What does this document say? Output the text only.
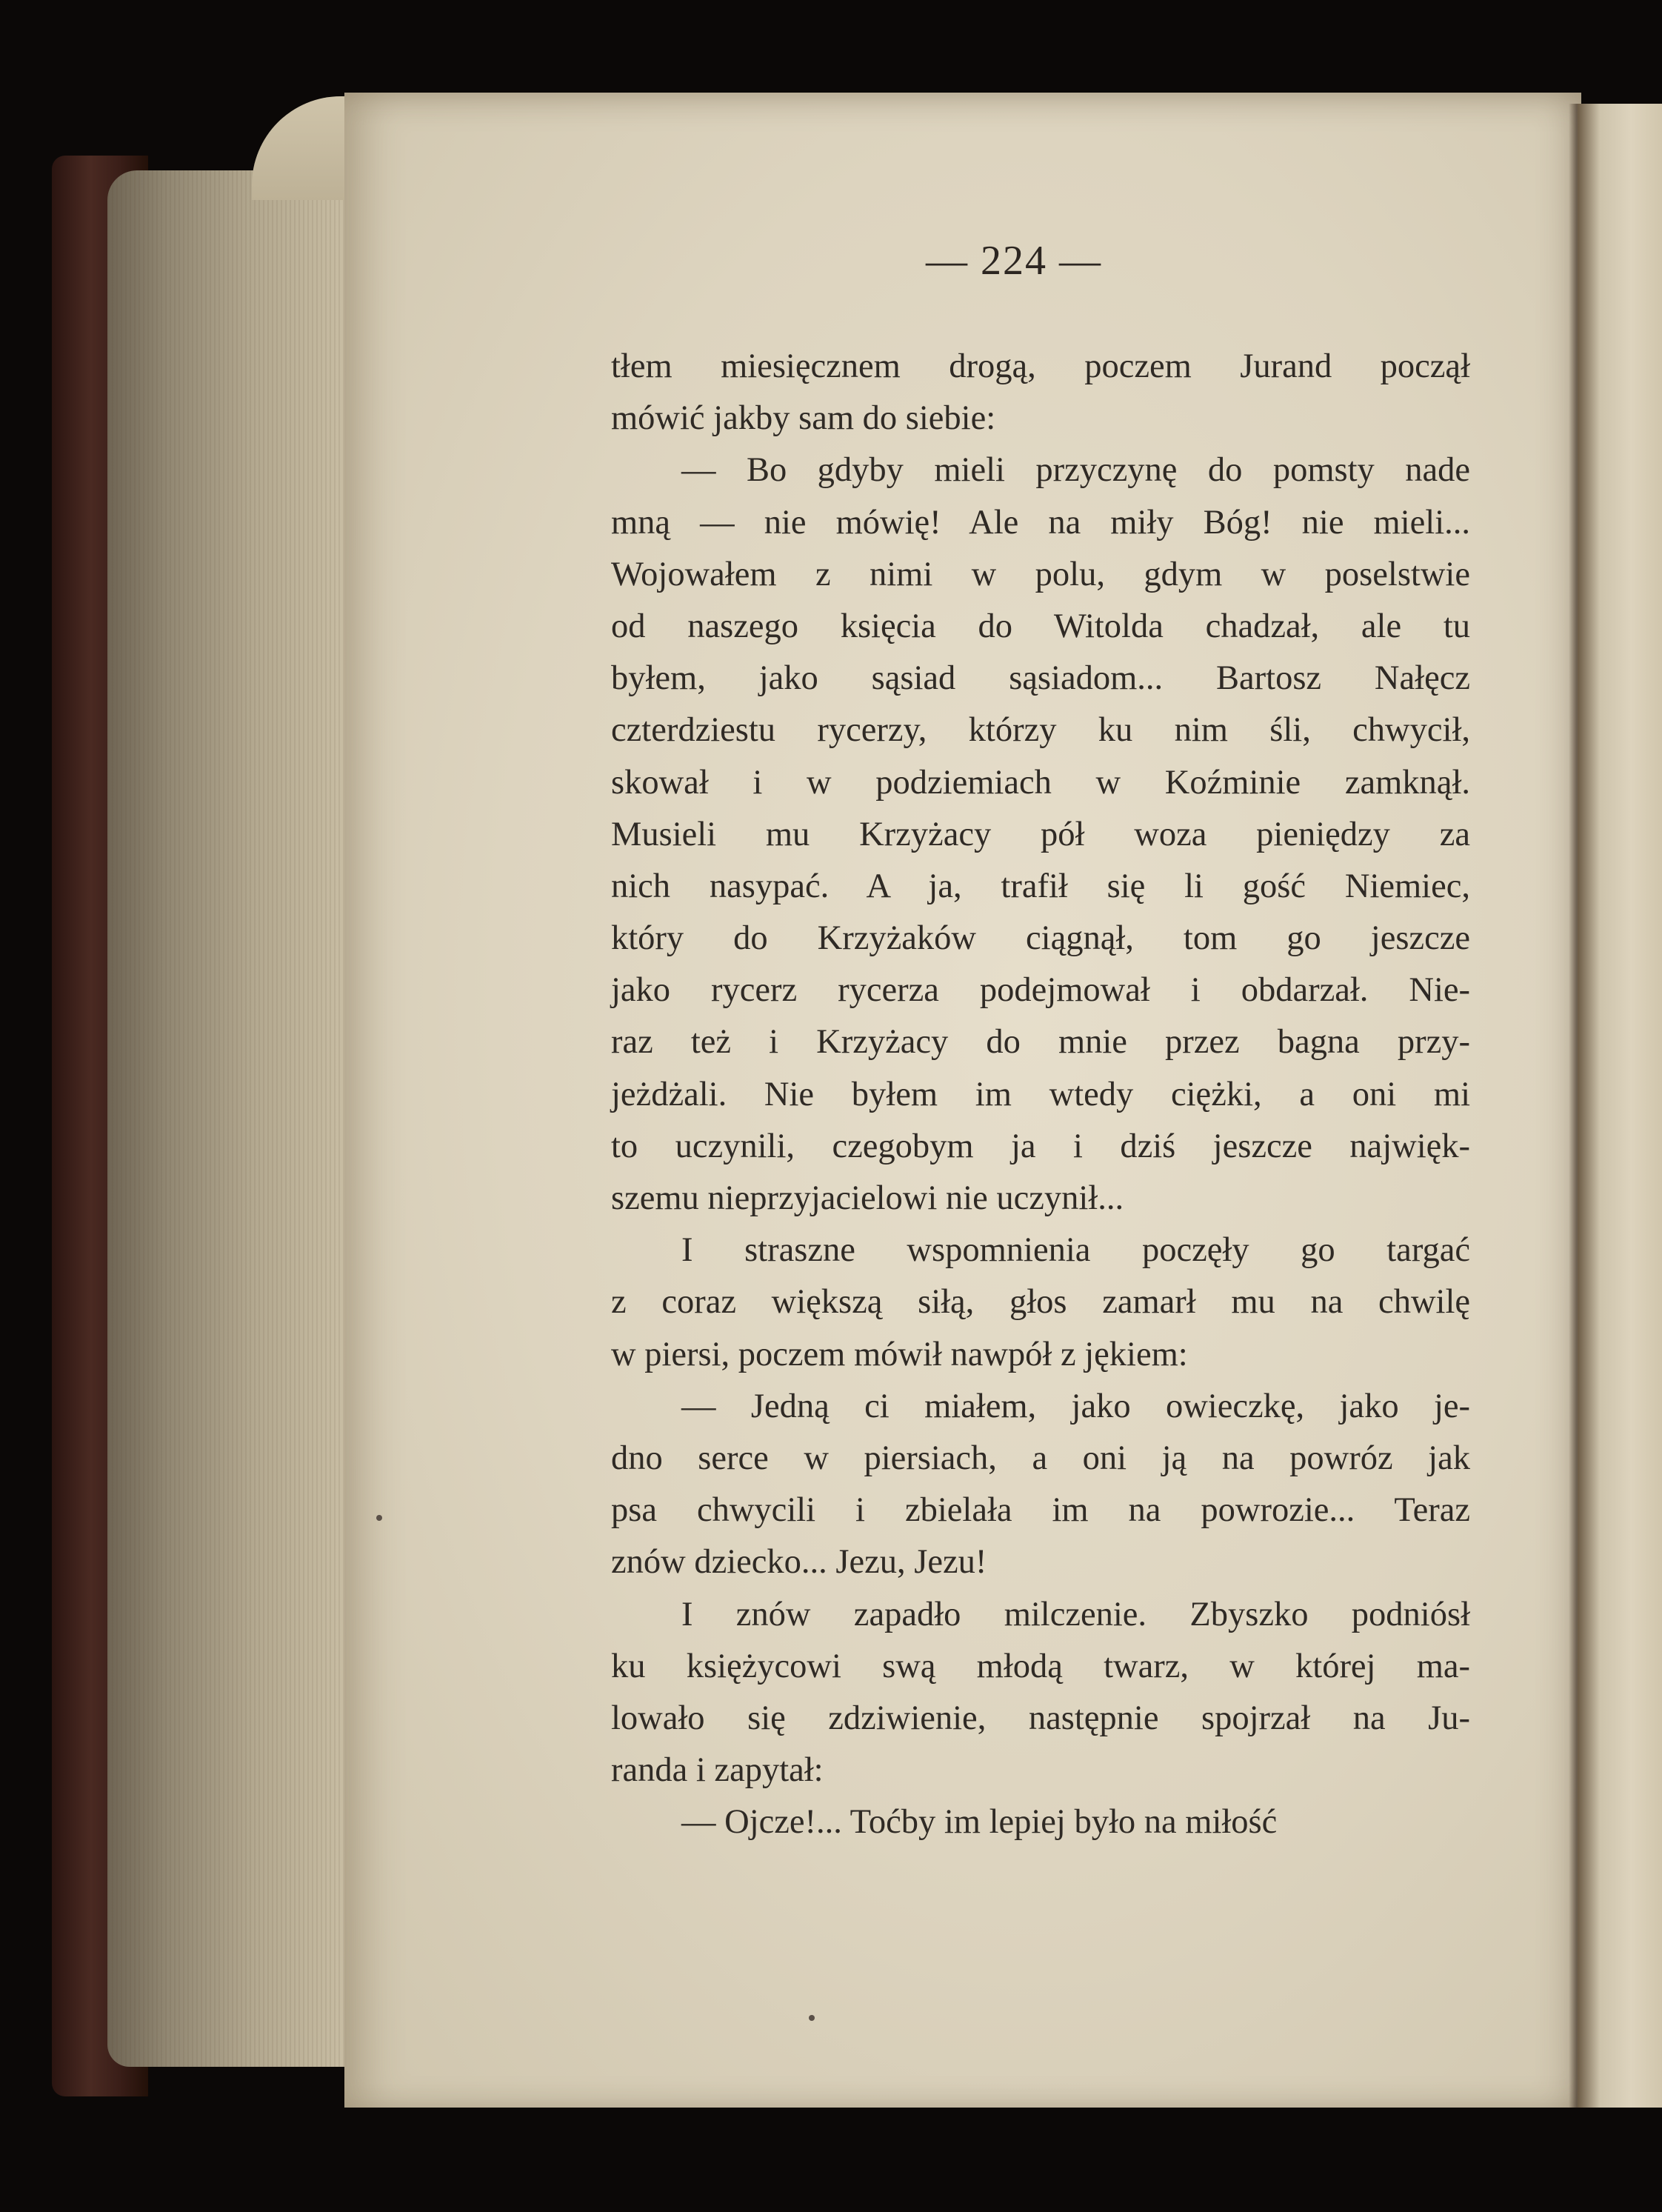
— 224 —
tłem miesięcznem drogą, poczem Jurand począł
mówić jakby sam do siebie:
— Bo gdyby mieli przyczynę do pomsty nade
mną — nie mówię! Ale na miły Bóg! nie mieli...
Wojowałem z nimi w polu, gdym w poselstwie
od naszego księcia do Witolda chadzał, ale tu
byłem, jako sąsiad sąsiadom... Bartosz Nałęcz
czterdziestu rycerzy, którzy ku nim śli, chwycił,
skował i w podziemiach w Koźminie zamknął.
Musieli mu Krzyżacy pół woza pieniędzy za
nich nasypać. A ja, trafił się li gość Niemiec,
który do Krzyżaków ciągnął, tom go jeszcze
jako rycerz rycerza podejmował i obdarzał. Nie-
raz też i Krzyżacy do mnie przez bagna przy-
jeżdżali. Nie byłem im wtedy ciężki, a oni mi
to uczynili, czegobym ja i dziś jeszcze najwięk-
szemu nieprzyjacielowi nie uczynił...
I straszne wspomnienia poczęły go targać
z coraz większą siłą, głos zamarł mu na chwilę
w piersi, poczem mówił nawpół z jękiem:
— Jedną ci miałem, jako owieczkę, jako je-
dno serce w piersiach, a oni ją na powróz jak
psa chwycili i zbielała im na powrozie... Teraz
znów dziecko... Jezu, Jezu!
I znów zapadło milczenie. Zbyszko podniósł
ku księżycowi swą młodą twarz, w której ma-
lowało się zdziwienie, następnie spojrzał na Ju-
randa i zapytał:
— Ojcze!... Toćby im lepiej było na miłość
